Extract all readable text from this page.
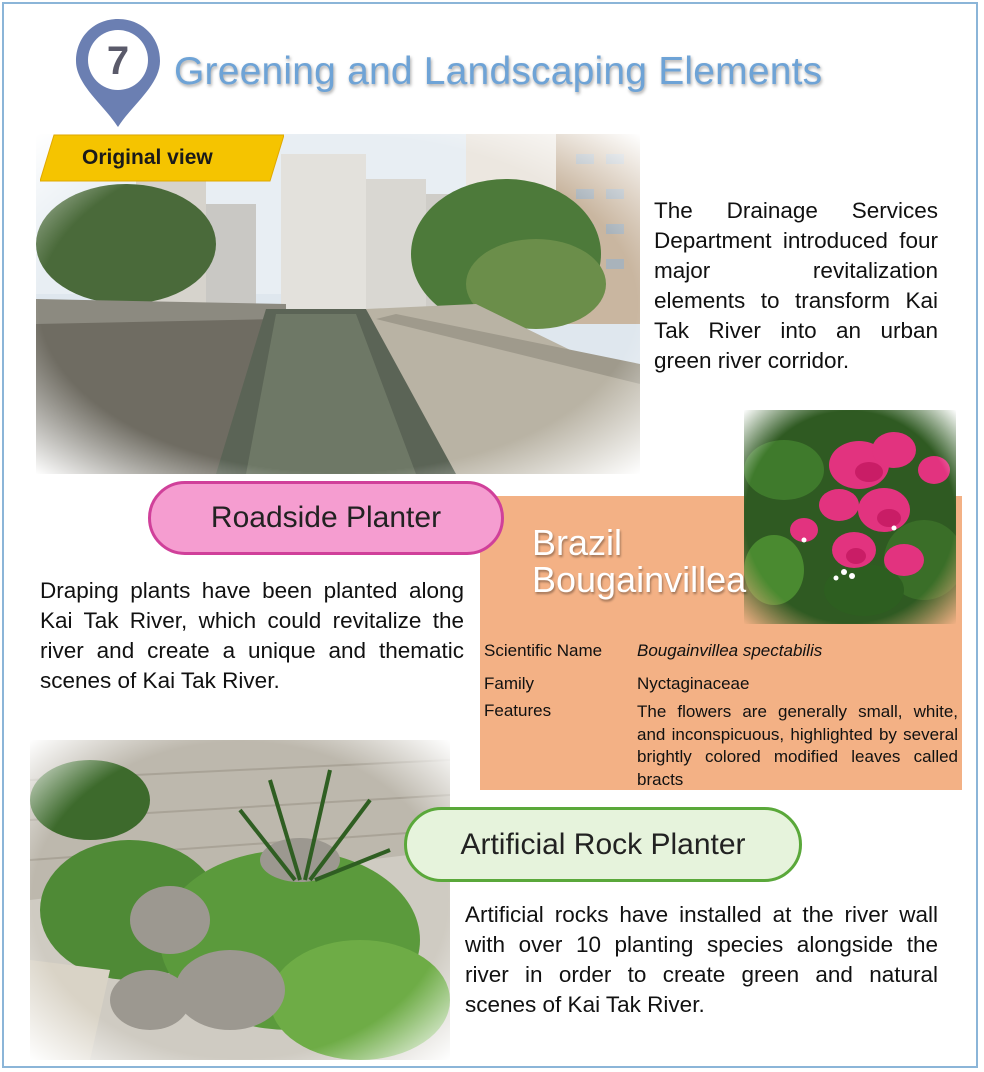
7 Greening and Landscaping Elements
Original view
The Drainage Services Department introduced four major revitalization elements to transform Kai Tak River into an urban green river corridor.
Brazil
Bougainvillea
Scientific Name Bougainvillea spectabilis
Family	Nyctaginaceae
Features	The flowers are generally small, white, and inconspicuous, highlighted by several brightly colored modified leaves called bracts
Roadside Planter
Draping plants have been planted along Kai Tak River, which could revitalize the river and create a unique and thematic scenes of Kai Tak River.
Artificial Rock Planter
Artificial rocks have installed at the river wall with over 10 planting species alongside the river in order to create green and natural scenes of Kai Tak River.
